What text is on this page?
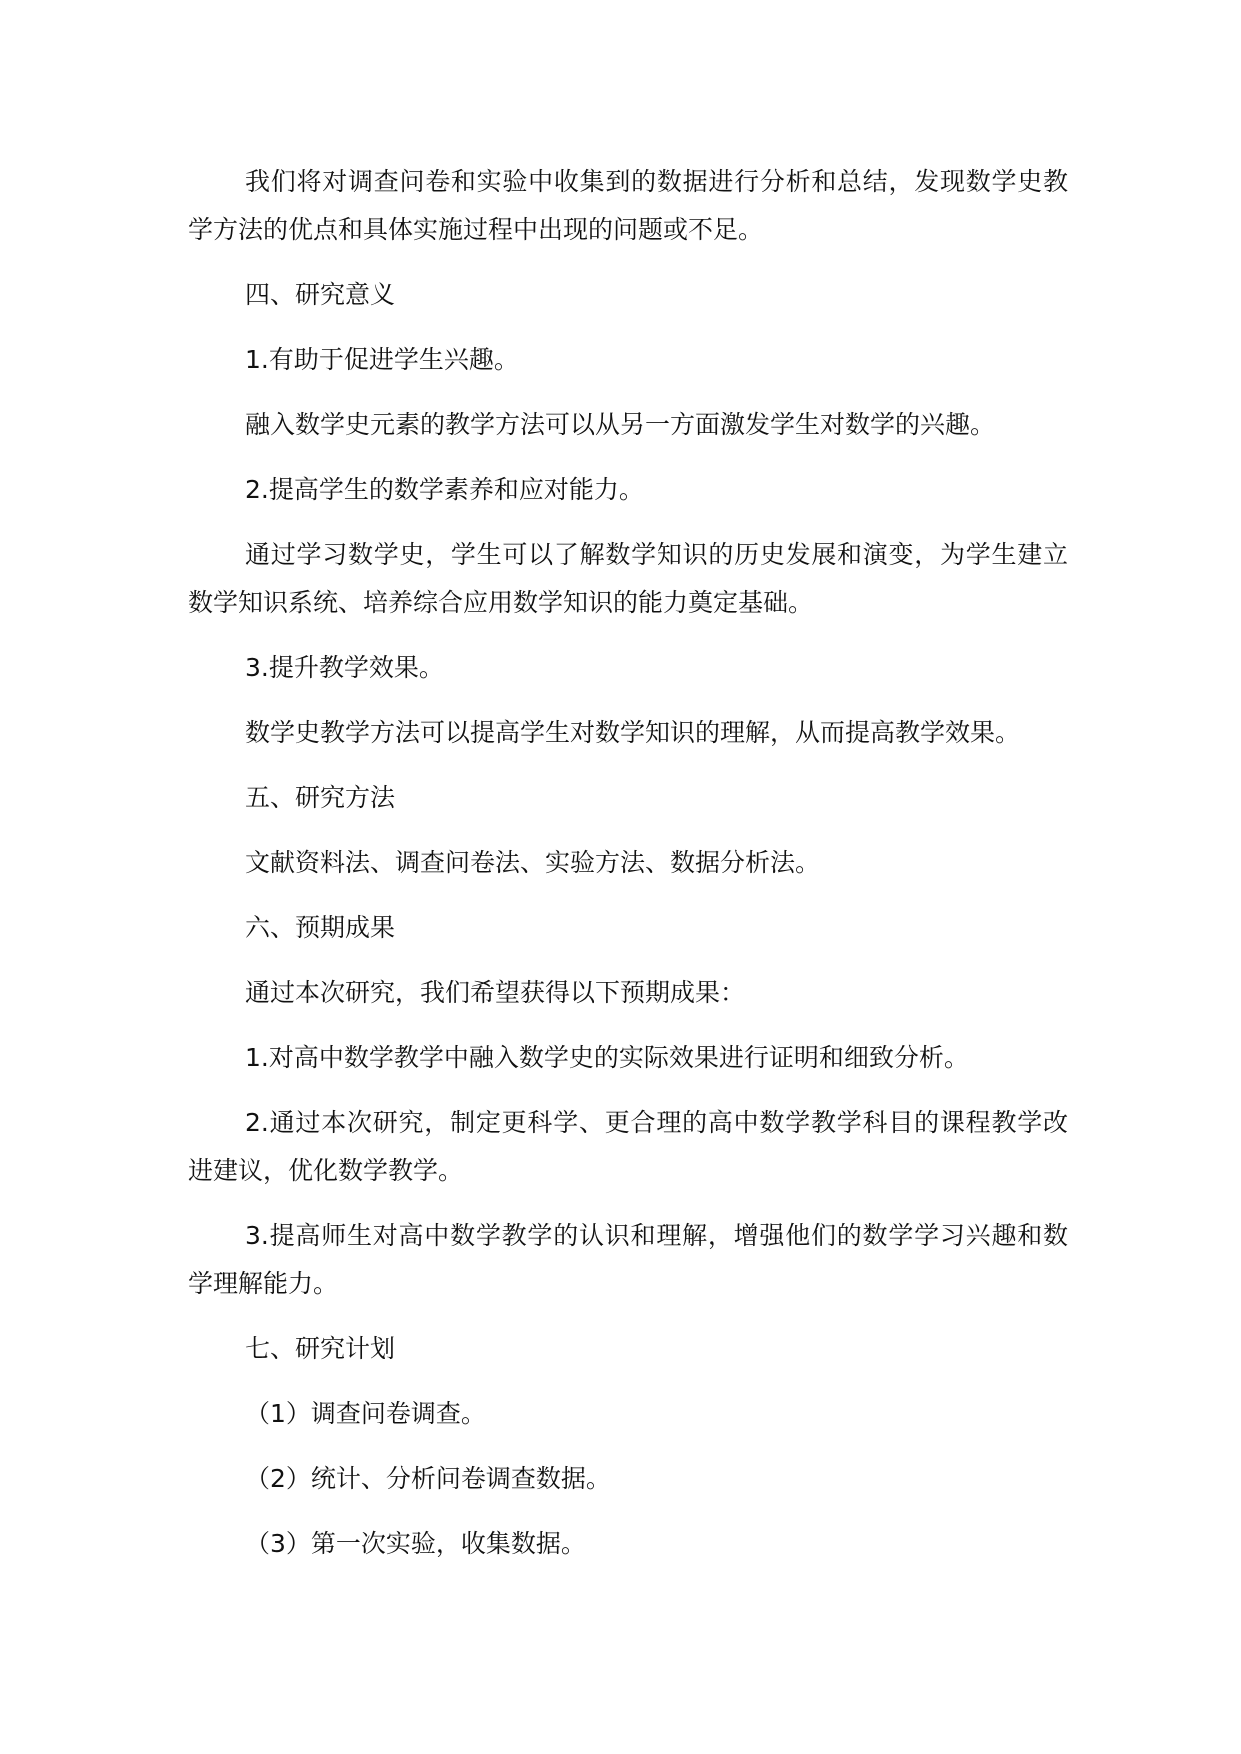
我们将对调查问卷和实验中收集到的数据进行分析和总结，发现数学史教学方法的优点和具体实施过程中出现的问题或不足。

四、研究意义

1.有助于促进学生兴趣。

融入数学史元素的教学方法可以从另一方面激发学生对数学的兴趣。

2.提高学生的数学素养和应对能力。

通过学习数学史，学生可以了解数学知识的历史发展和演变，为学生建立数学知识系统、培养综合应用数学知识的能力奠定基础。

3.提升教学效果。

数学史教学方法可以提高学生对数学知识的理解，从而提高教学效果。

五、研究方法

文献资料法、调查问卷法、实验方法、数据分析法。

六、预期成果

通过本次研究，我们希望获得以下预期成果：

1.对高中数学教学中融入数学史的实际效果进行证明和细致分析。

2.通过本次研究，制定更科学、更合理的高中数学教学科目的课程教学改进建议，优化数学教学。

3.提高师生对高中数学教学的认识和理解，增强他们的数学学习兴趣和数学理解能力。

七、研究计划

（1）调查问卷调查。

（2）统计、分析问卷调查数据。

（3）第一次实验，收集数据。
